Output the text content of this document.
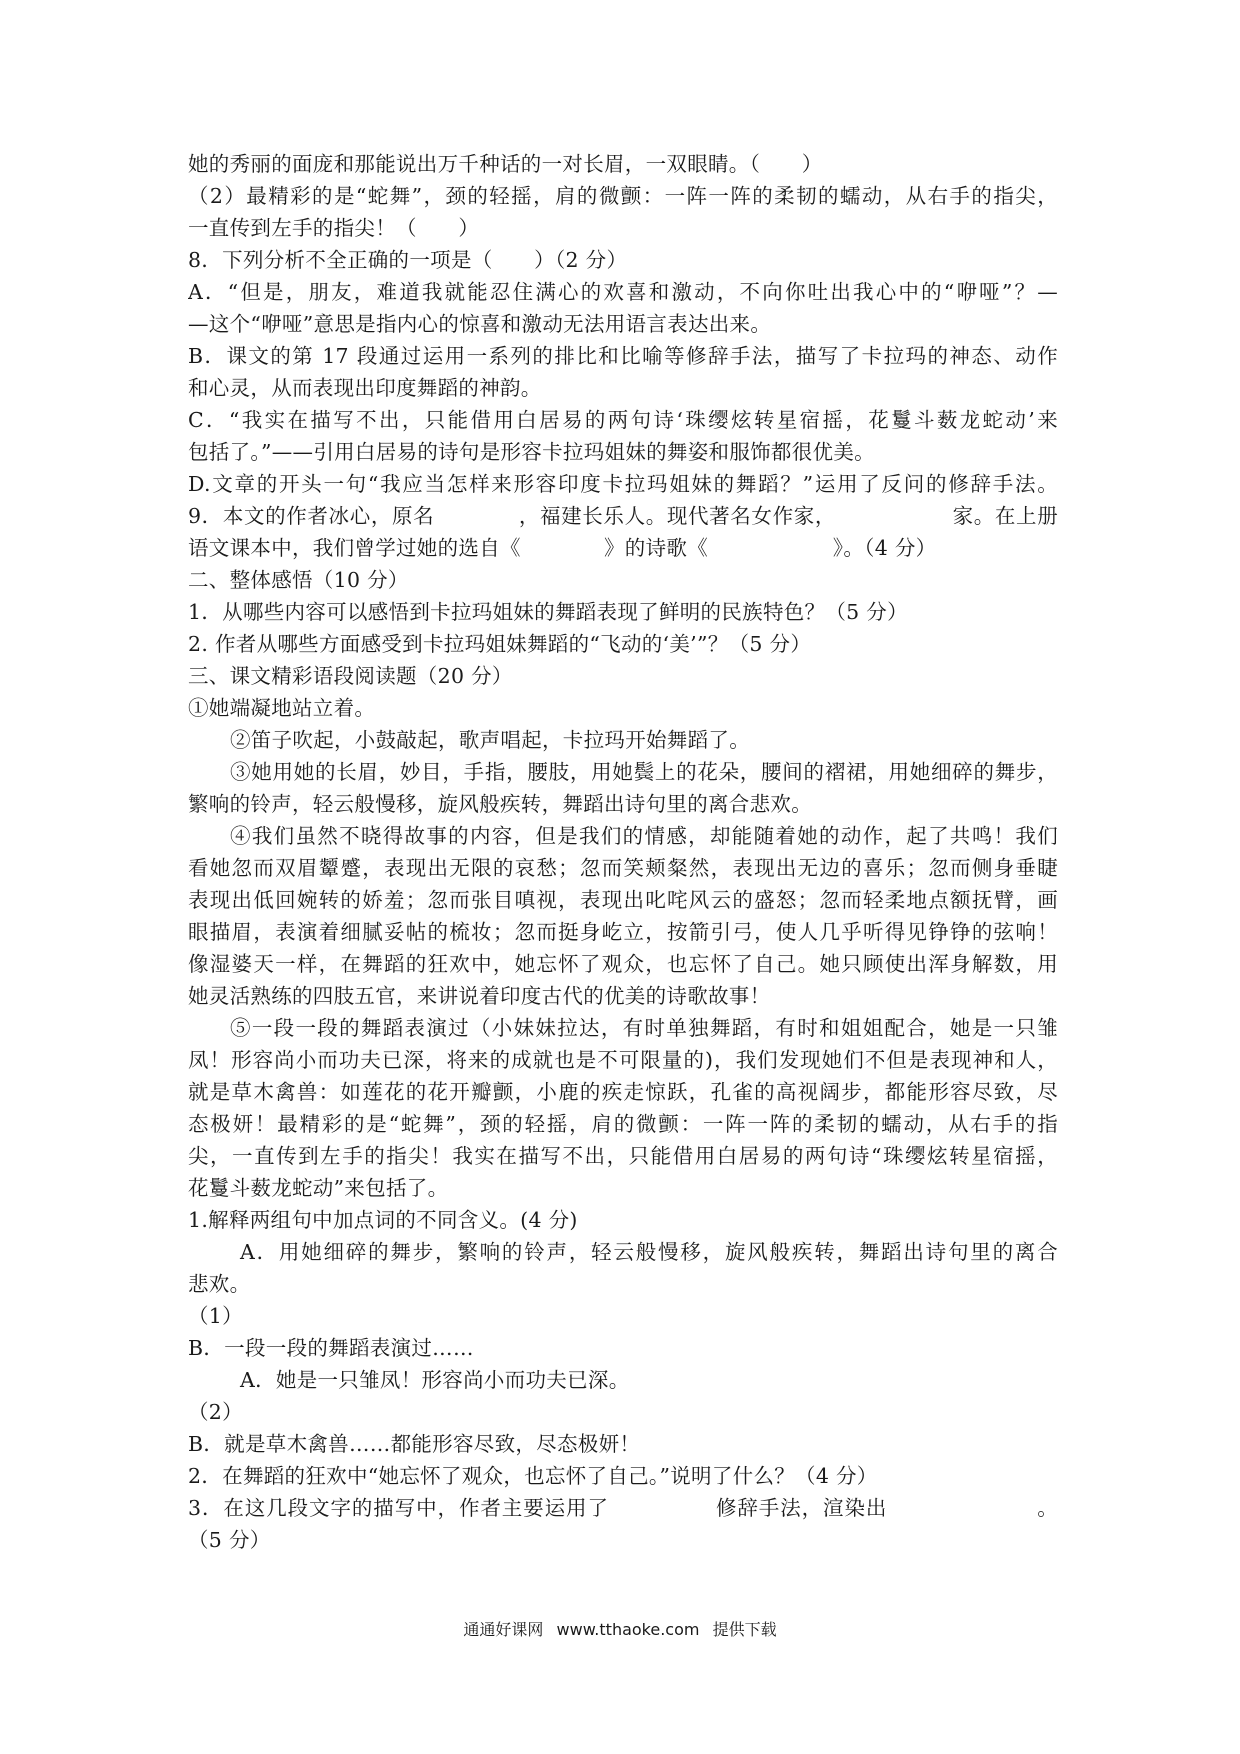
她的秀丽的面庞和那能说出万千种话的一对长眉，一双眼睛。（　　）
（2）最精彩的是“蛇舞”，颈的轻摇，肩的微颤：一阵一阵的柔韧的蠕动，从右手的指尖，
一直传到左手的指尖！（　　）
8．下列分析不全正确的一项是（　　）（2 分）
A．“但是，朋友，难道我就能忍住满心的欢喜和激动，不向你吐出我心中的“咿哑”？—
—这个“咿哑”意思是指内心的惊喜和激动无法用语言表达出来。
B．课文的第 17 段通过运用一系列的排比和比喻等修辞手法，描写了卡拉玛的神态、动作
和心灵，从而表现出印度舞蹈的神韵。
C．“我实在描写不出，只能借用白居易的两句诗‘珠缨炫转星宿摇，花鬘斗薮龙蛇动’来
包括了。”——引用白居易的诗句是形容卡拉玛姐妹的舞姿和服饰都很优美。
D.文章的开头一句“我应当怎样来形容印度卡拉玛姐妹的舞蹈？”运用了反问的修辞手法。
9．本文的作者冰心，原名　　　　，福建长乐人。现代著名女作家，　　　　　　家。在上册
语文课本中，我们曾学过她的选自《　　　　》的诗歌《　　　　　　》。（4 分）
二、整体感悟（10 分）
1．从哪些内容可以感悟到卡拉玛姐妹的舞蹈表现了鲜明的民族特色？（5 分）
2. 作者从哪些方面感受到卡拉玛姐妹舞蹈的“飞动的‘美’”？（5 分）
三、课文精彩语段阅读题（20 分）
①她端凝地站立着。
②笛子吹起，小鼓敲起，歌声唱起，卡拉玛开始舞蹈了。
③她用她的长眉，妙目，手指，腰肢，用她鬓上的花朵，腰间的褶裙，用她细碎的舞步，
繁响的铃声，轻云般慢移，旋风般疾转，舞蹈出诗句里的离合悲欢。
④我们虽然不晓得故事的内容，但是我们的情感，却能随着她的动作，起了共鸣！我们
看她忽而双眉颦蹙，表现出无限的哀愁；忽而笑颊粲然，表现出无边的喜乐；忽而侧身垂睫
表现出低回婉转的娇羞；忽而张目嗔视，表现出叱咤风云的盛怒；忽而轻柔地点额抚臂，画
眼描眉，表演着细腻妥帖的梳妆；忽而挺身屹立，按箭引弓，使人几乎听得见铮铮的弦响！
像湿婆天一样，在舞蹈的狂欢中，她忘怀了观众，也忘怀了自己。她只顾使出浑身解数，用
她灵活熟练的四肢五官，来讲说着印度古代的优美的诗歌故事！
⑤一段一段的舞蹈表演过（小妹妹拉达，有时单独舞蹈，有时和姐姐配合，她是一只雏
凤！形容尚小而功夫已深，将来的成就也是不可限量的)，我们发现她们不但是表现神和人，
就是草木禽兽：如莲花的花开瓣颤，小鹿的疾走惊跃，孔雀的高视阔步，都能形容尽致，尽
态极妍！最精彩的是“蛇舞”，颈的轻摇，肩的微颤：一阵一阵的柔韧的蠕动，从右手的指
尖，一直传到左手的指尖！我实在描写不出，只能借用白居易的两句诗“珠缨炫转星宿摇，
花鬘斗薮龙蛇动”来包括了。
1.解释两组句中加点词的不同含义。(4 分)
A．用她细碎的舞步，繁响的铃声，轻云般慢移，旋风般疾转，舞蹈出诗句里的离合
悲欢。
（1）
B．一段一段的舞蹈表演过……
A．她是一只雏凤！形容尚小而功夫已深。
（2）
B．就是草木禽兽……都能形容尽致，尽态极妍！
2．在舞蹈的狂欢中“她忘怀了观众，也忘怀了自己。”说明了什么？（4 分）
3．在这几段文字的描写中，作者主要运用了　　　　　修辞手法，渲染出　　　　　　　。
（5 分）
通通好课网 www.tthaoke.com 提供下载
